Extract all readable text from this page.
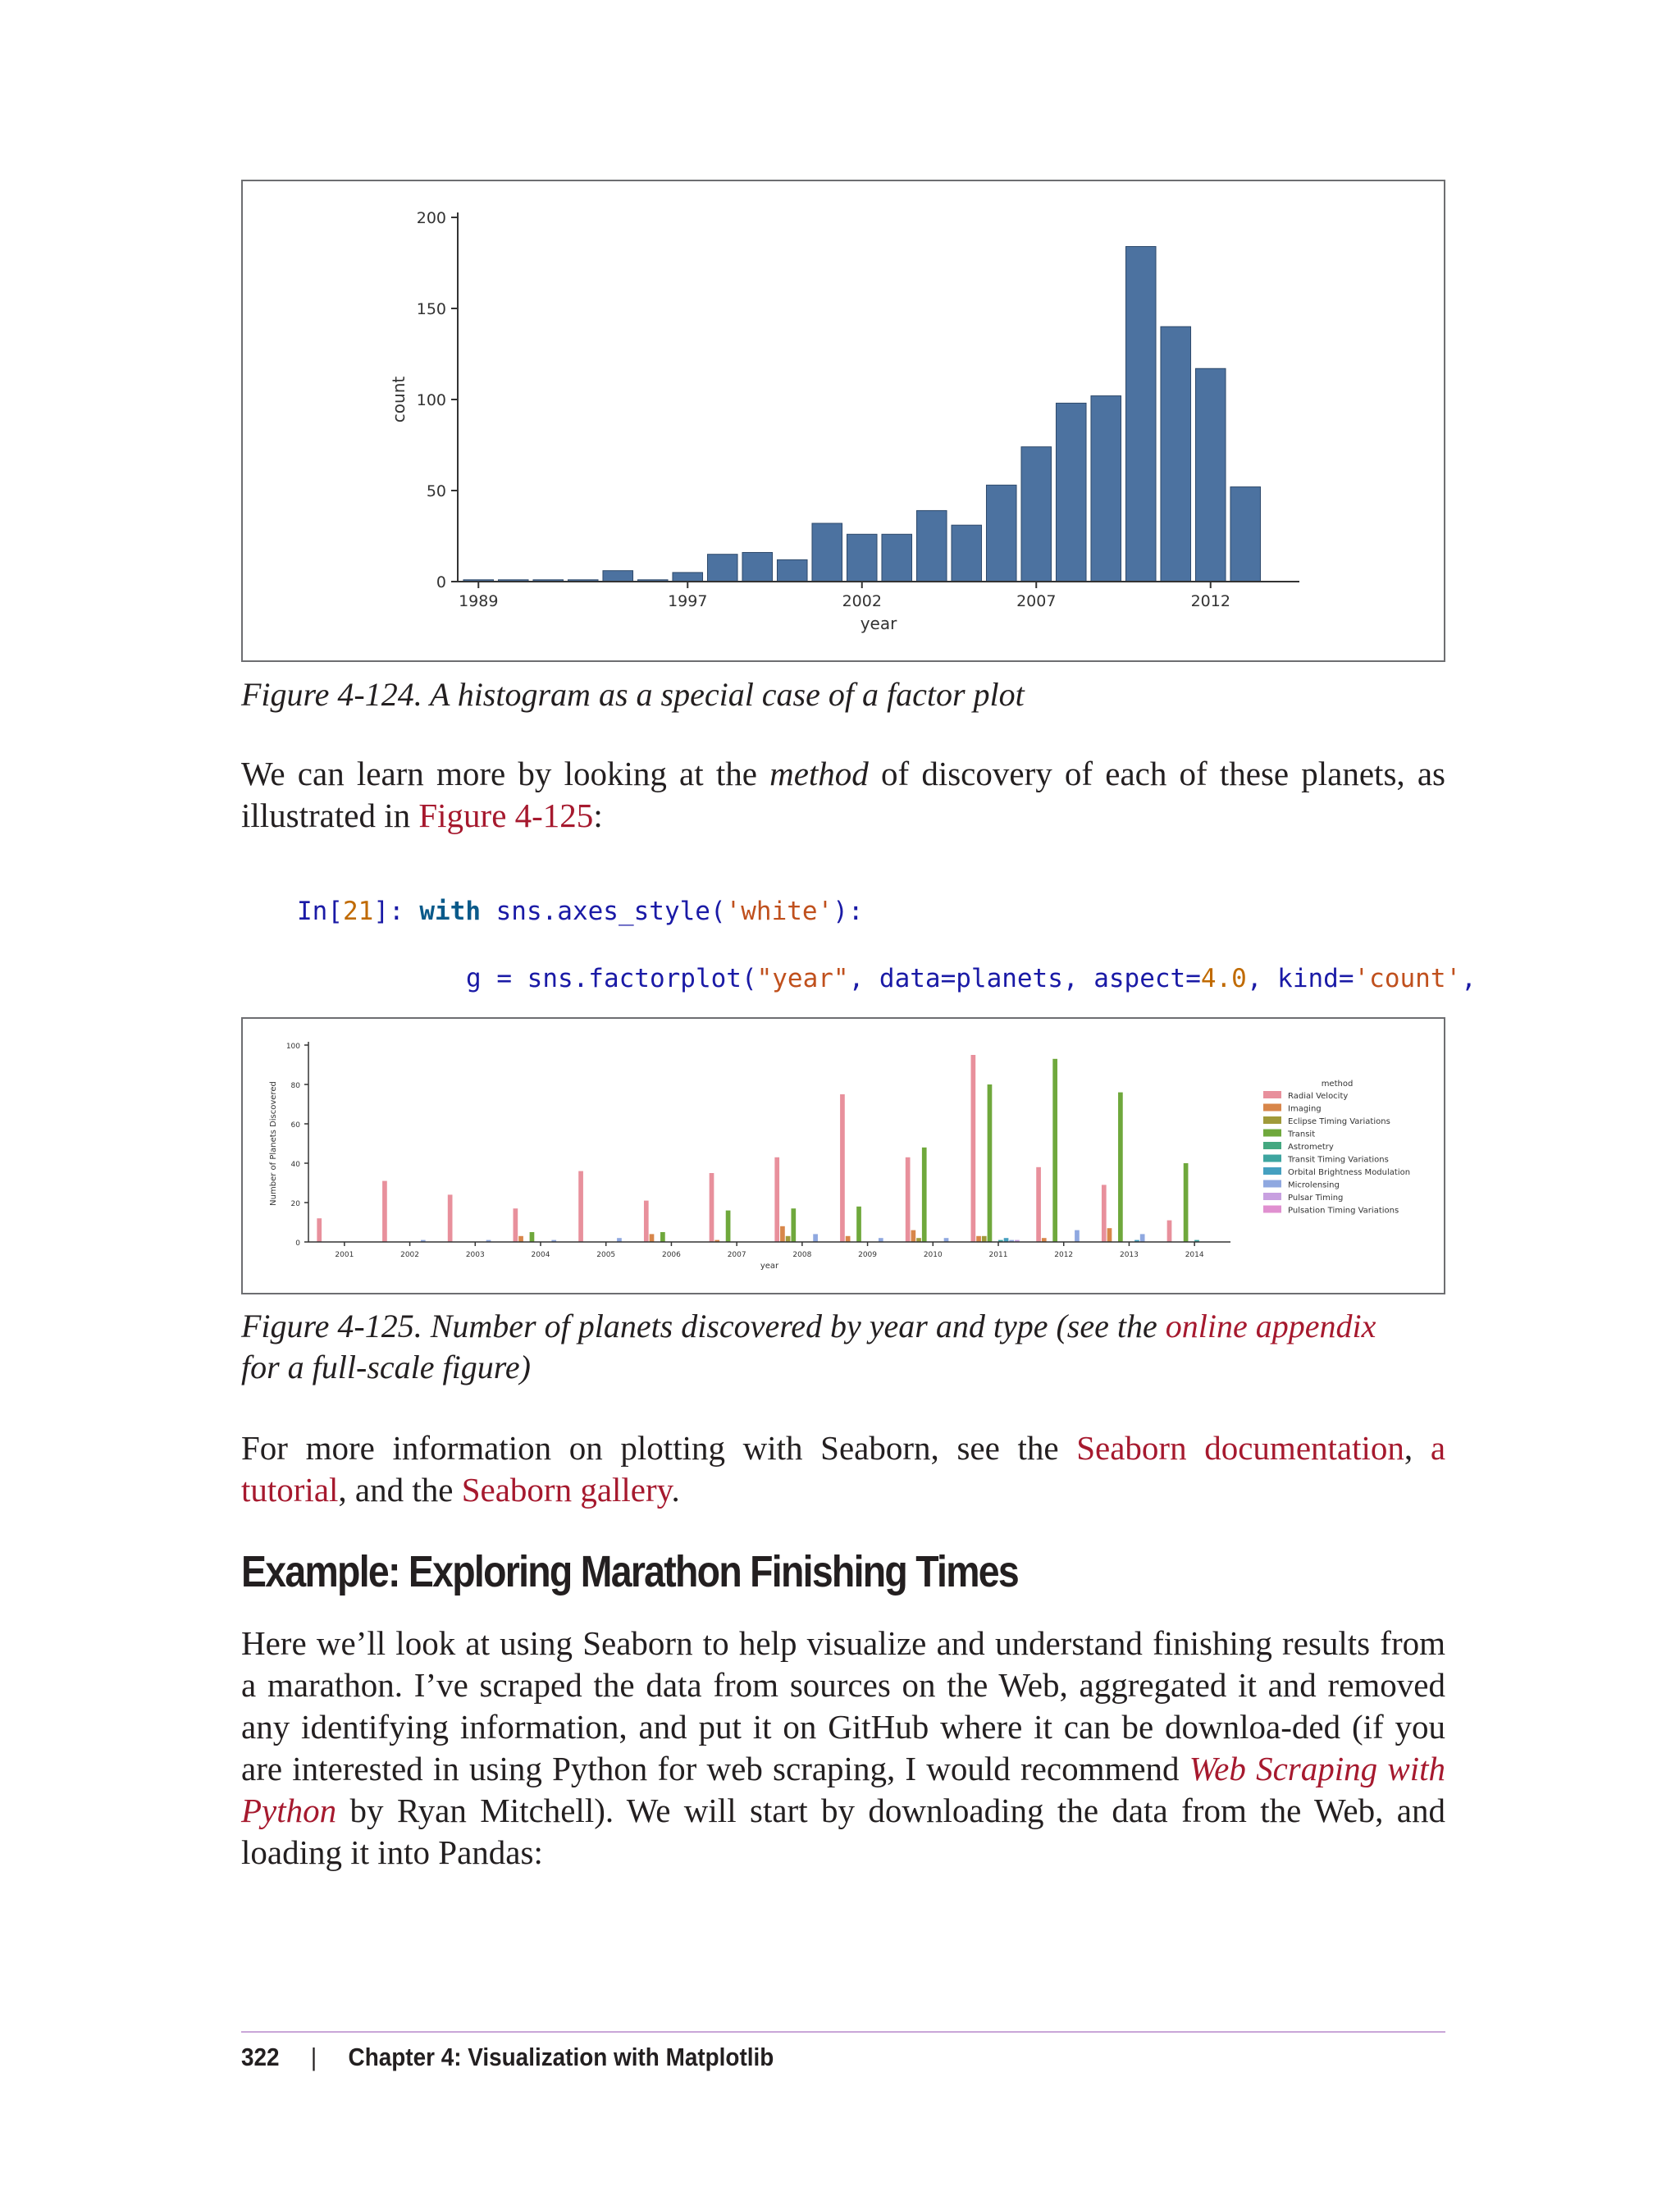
0
50
100
150
200
1989	1997	2002	2007	2012
year
count
Figure 4-124. A histogram as a special case of a factor plot
We can learn more by looking at the method of discovery of each of these planets, as illustrated in Figure 4-125:

In[21]: with sns.axes_style('white'):

g = sns.factorplot("year", data=planets, aspect=4.0, kind='count',

0
20
40
60
80
100
2001	2002	2003	2004	2005	2006	2007	2008	2009	2010	2011	2012	2013	2014
year
Number of Planets Discovered	method
Radial Velocity
Imaging
Eclipse Timing Variations
Transit
Astrometry
Transit Timing Variations
Orbital Brightness Modulation
Microlensing
Pulsar Timing
Pulsation Timing Variations
Figure 4-125. Number of planets discovered by year and type (see the online appendix
for a full-scale figure)
For more information on plotting with Seaborn, see the Seaborn documentation, a tutorial, and the Seaborn gallery.
Example: Exploring Marathon Finishing Times
Here we’ll look at using Seaborn to help visualize and understand finishing results from a marathon. I’ve scraped the data from sources on the Web, aggregated it and removed any identifying information, and put it on GitHub where it can be downloa-ded (if you are interested in using Python for web scraping, I would recommend Web Scraping with Python by Ryan Mitchell). We will start by downloading the data from the Web, and loading it into Pandas:
322 | Chapter 4: Visualization with Matplotlib
